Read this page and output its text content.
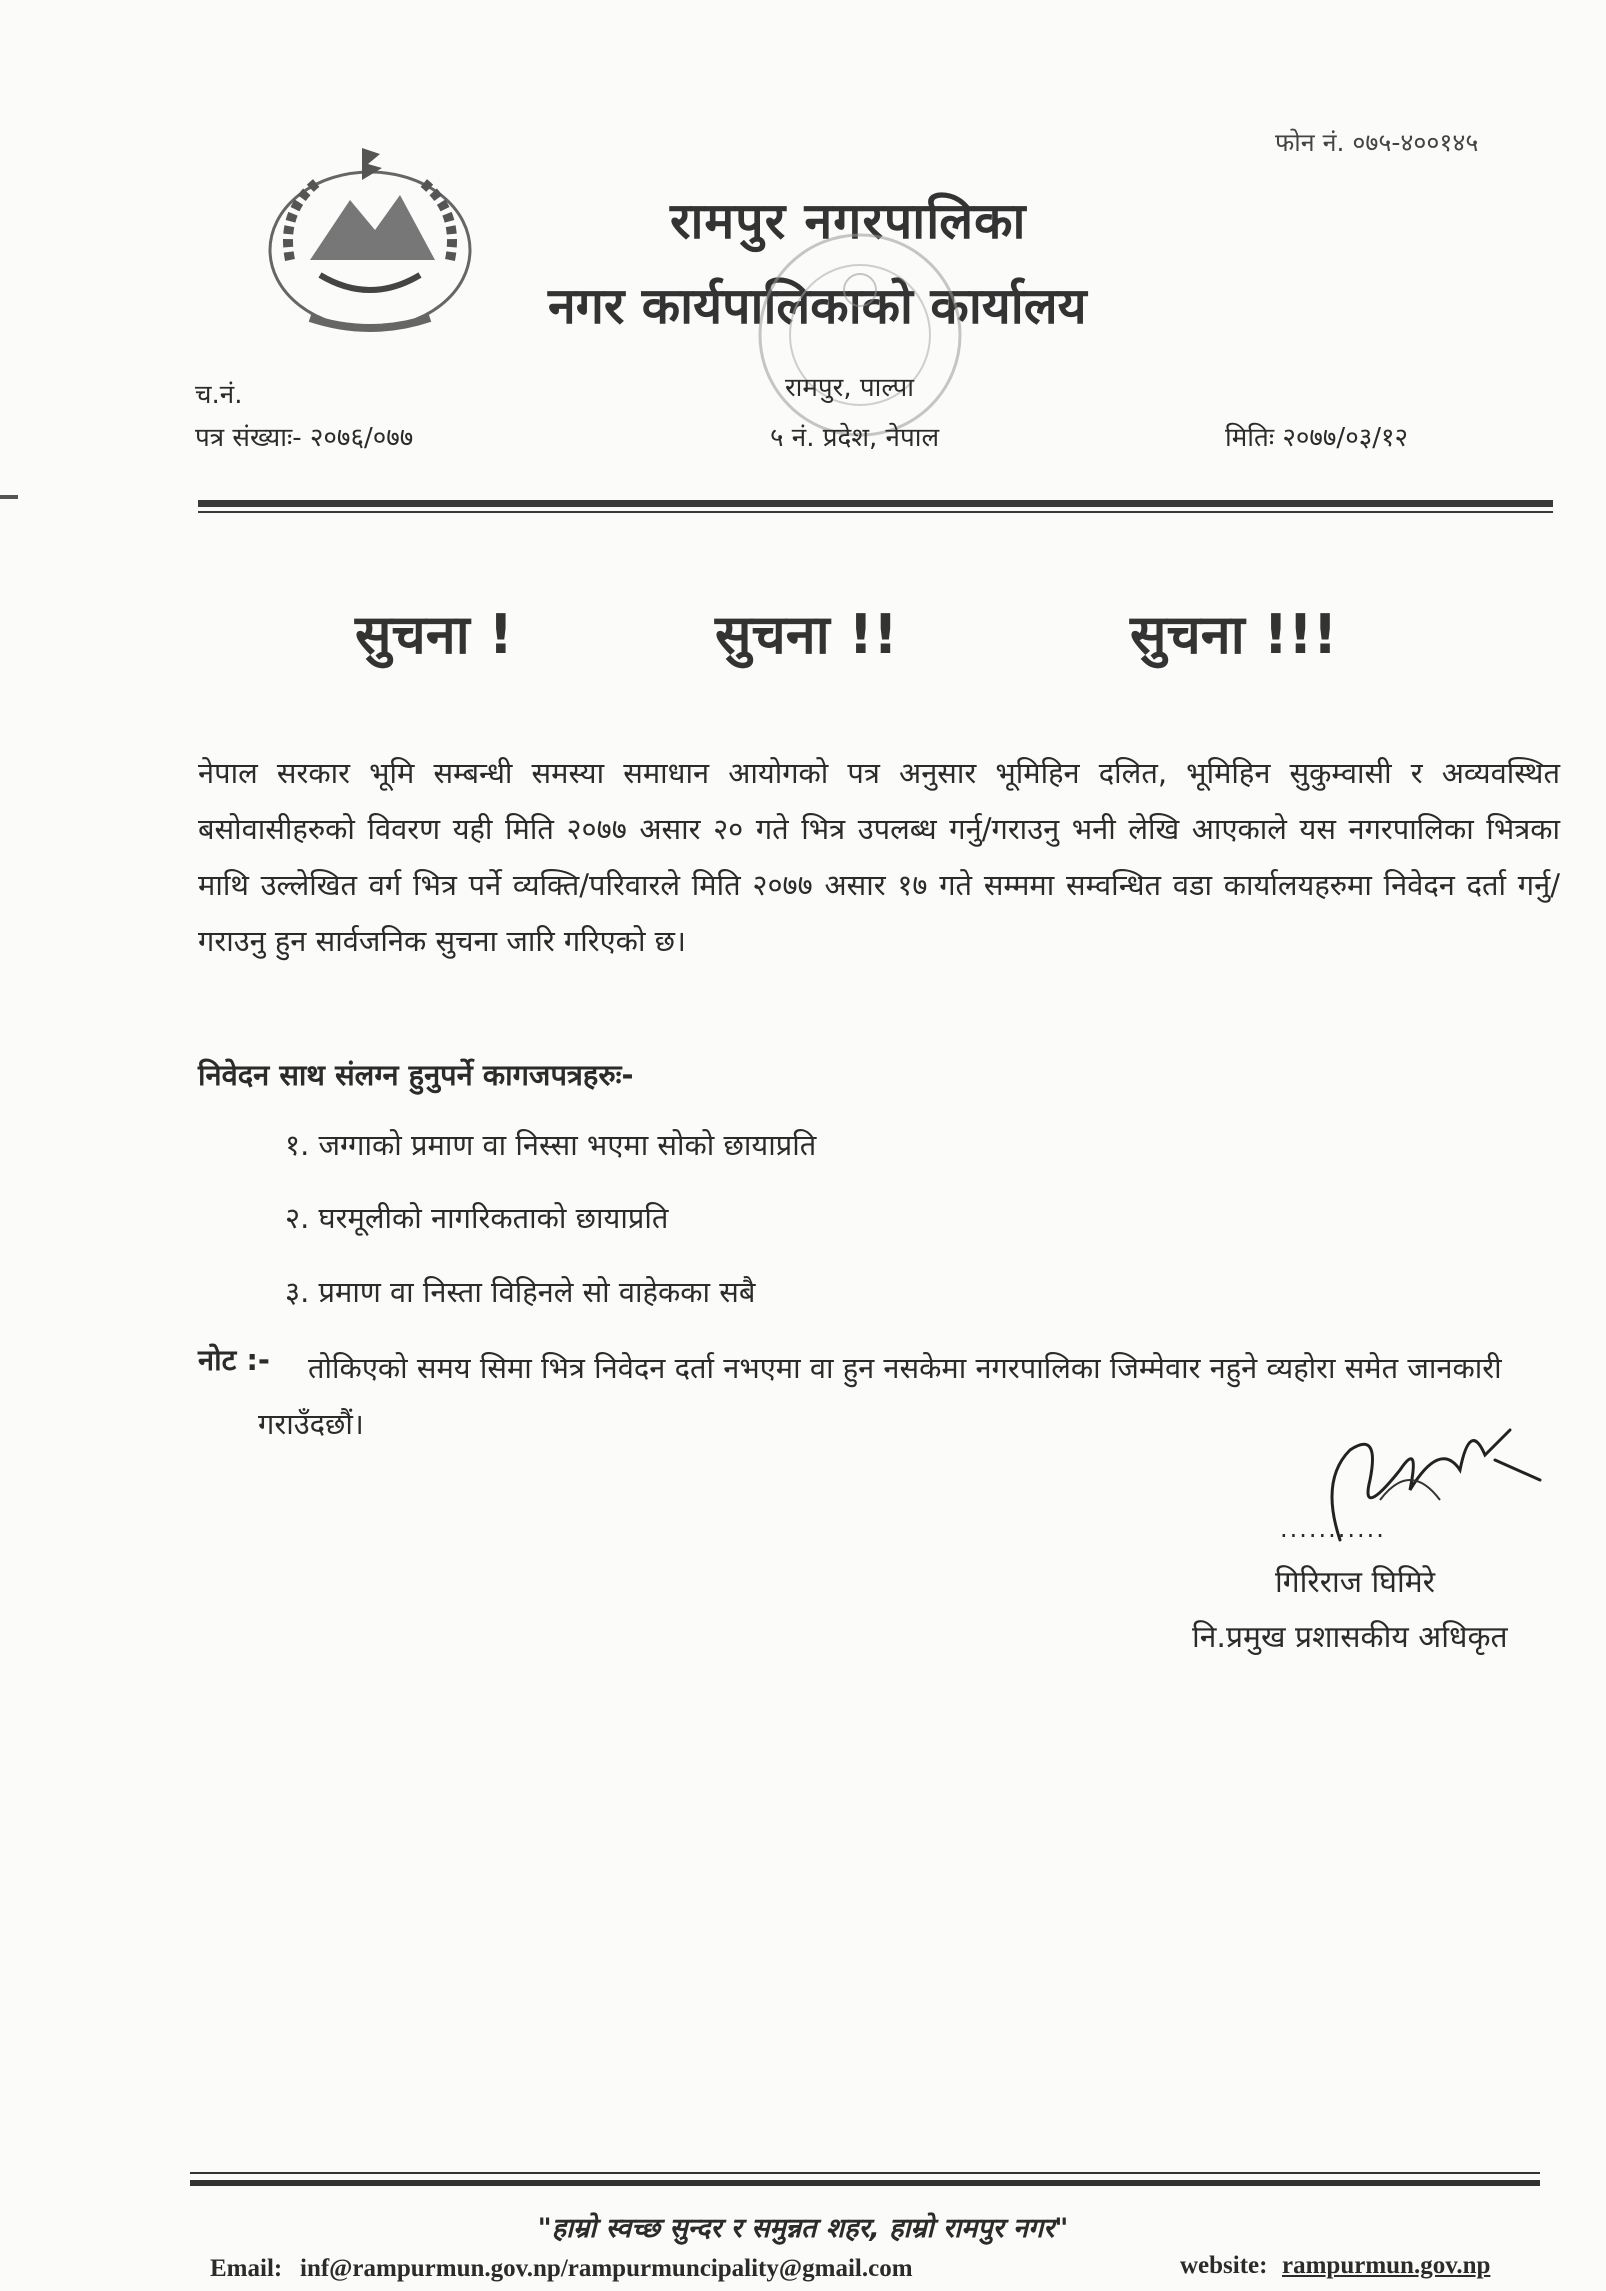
फोन नं. ०७५-४००१४५
रामपुर नगरपालिका
नगर कार्यपालिकाको कार्यालय
च.नं.
पत्र संख्याः- २०७६/०७७
रामपुर, पाल्पा
५ नं. प्रदेश, नेपाल	मितिः २०७७/०३/१२
सुचना !	सुचना !!	सुचना !!!
नेपाल सरकार भूमि सम्बन्धी समस्या समाधान आयोगको पत्र अनुसार भूमिहिन दलित, भूमिहिन सुकुम्वासी र अव्यवस्थित बसोवासीहरुको विवरण यही मिति २०७७ असार २० गते भित्र उपलब्ध गर्नु/गराउनु भनी लेखि आएकाले यस नगरपालिका भित्रका माथि उल्लेखित वर्ग भित्र पर्ने व्यक्ति/परिवारले मिति २०७७ असार १७ गते सम्ममा सम्वन्धित वडा कार्यालयहरुमा निवेदन दर्ता गर्नु/गराउनु हुन सार्वजनिक सुचना जारि गरिएको छ।
निवेदन साथ संलग्न हुनुपर्ने कागजपत्रहरुः-
१. जग्गाको प्रमाण वा निस्सा भएमा सोको छायाप्रति
२. घरमूलीको नागरिकताको छायाप्रति
३. प्रमाण वा निस्ता विहिनले सो वाहेकका सबै
नोट :-	तोकिएको समय सिमा भित्र निवेदन दर्ता नभएमा वा हुन नसकेमा नगरपालिका जिम्मेवार नहुने व्यहोरा समेत जानकारी गराउँदछौं।
...........
गिरिराज घिमिरे
नि.प्रमुख प्रशासकीय अधिकृत
"हाम्रो स्वच्छ सुन्दर र समुन्नत शहर, हाम्रो रामपुर नगर"
Email: inf@rampurmun.gov.np/rampurmuncipality@gmail.com	website: rampurmun.gov.np
